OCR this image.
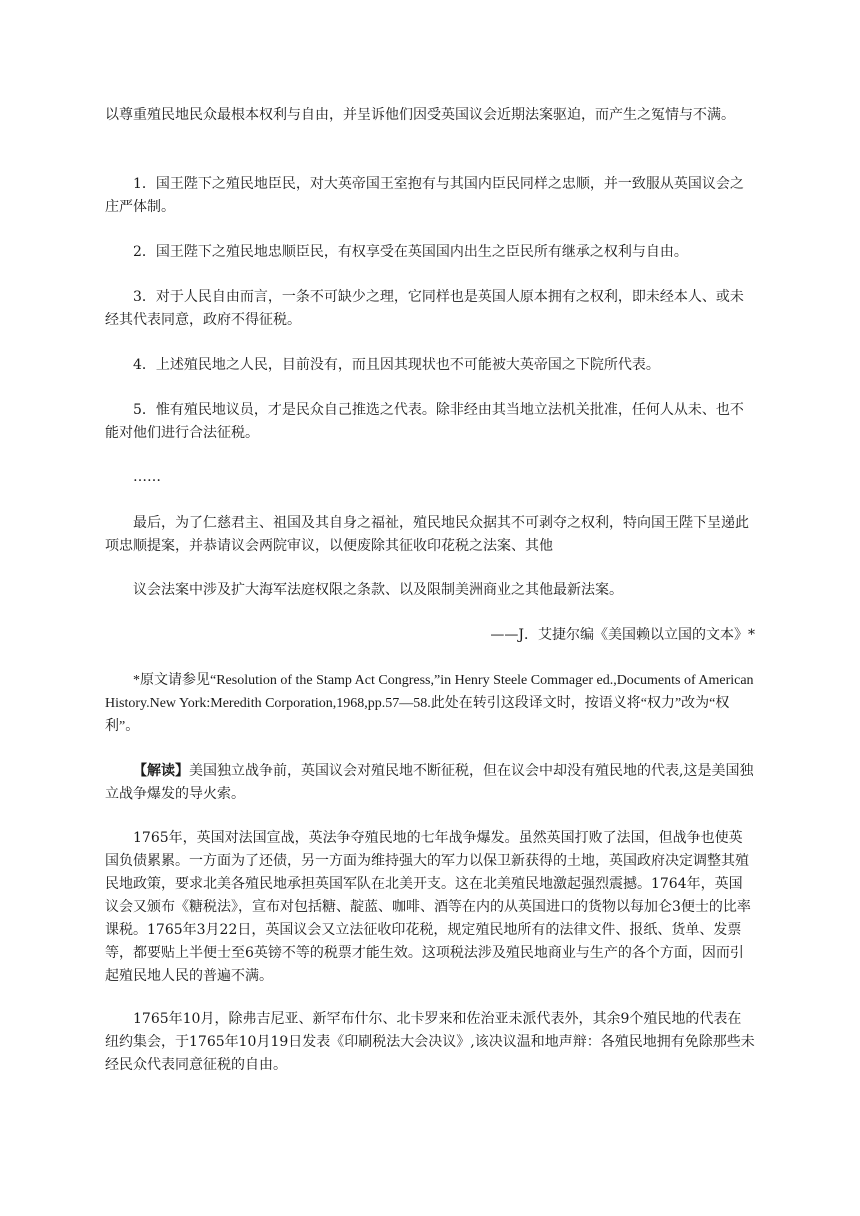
以尊重殖民地民众最根本权利与自由，并呈诉他们因受英国议会近期法案驱迫，而产生之冤情与不满。

1．国王陛下之殖民地臣民，对大英帝国王室抱有与其国内臣民同样之忠顺，并一致服从英国议会之庄严体制。

2．国王陛下之殖民地忠顺臣民，有权享受在英国国内出生之臣民所有继承之权利与自由。

3．对于人民自由而言，一条不可缺少之理，它同样也是英国人原本拥有之权利，即未经本人、或未经其代表同意，政府不得征税。

4．上述殖民地之人民，目前没有，而且因其现状也不可能被大英帝国之下院所代表。

5．惟有殖民地议员，才是民众自己推选之代表。除非经由其当地立法机关批准，任何人从未、也不能对他们进行合法征税。

……

最后，为了仁慈君主、祖国及其自身之福祉，殖民地民众据其不可剥夺之权利，特向国王陛下呈递此项忠顺提案，并恭请议会两院审议，以便废除其征收印花税之法案、其他

议会法案中涉及扩大海军法庭权限之条款、以及限制美洲商业之其他最新法案。

——J．艾捷尔编《美国赖以立国的文本》*

*原文请参见“Resolution of the Stamp Act Congress,”in Henry Steele Commager ed.,Documents of American History.New York:Meredith Corporation,1968,pp.57—58.此处在转引这段译文时，按语义将“权力”改为“权利”。

【解读】美国独立战争前，英国议会对殖民地不断征税，但在议会中却没有殖民地的代表,这是美国独立战争爆发的导火索。

1765年，英国对法国宣战，英法争夺殖民地的七年战争爆发。虽然英国打败了法国，但战争也使英国负债累累。一方面为了还债，另一方面为维持强大的军力以保卫新获得的土地，英国政府决定调整其殖民地政策，要求北美各殖民地承担英国军队在北美开支。这在北美殖民地激起强烈震撼。1764年，英国议会又颁布《糖税法》，宣布对包括糖、靛蓝、咖啡、酒等在内的从英国进口的货物以每加仑3便士的比率课税。1765年3月22日，英国议会又立法征收印花税，规定殖民地所有的法律文件、报纸、货单、发票等，都要贴上半便士至6英镑不等的税票才能生效。这项税法涉及殖民地商业与生产的各个方面，因而引起殖民地人民的普遍不满。

1765年10月，除弗吉尼亚、新罕布什尔、北卡罗来和佐治亚未派代表外，其余9个殖民地的代表在纽约集会，于1765年10月19日发表《印刷税法大会决议》,该决议温和地声辩：各殖民地拥有免除那些未经民众代表同意征税的自由。
